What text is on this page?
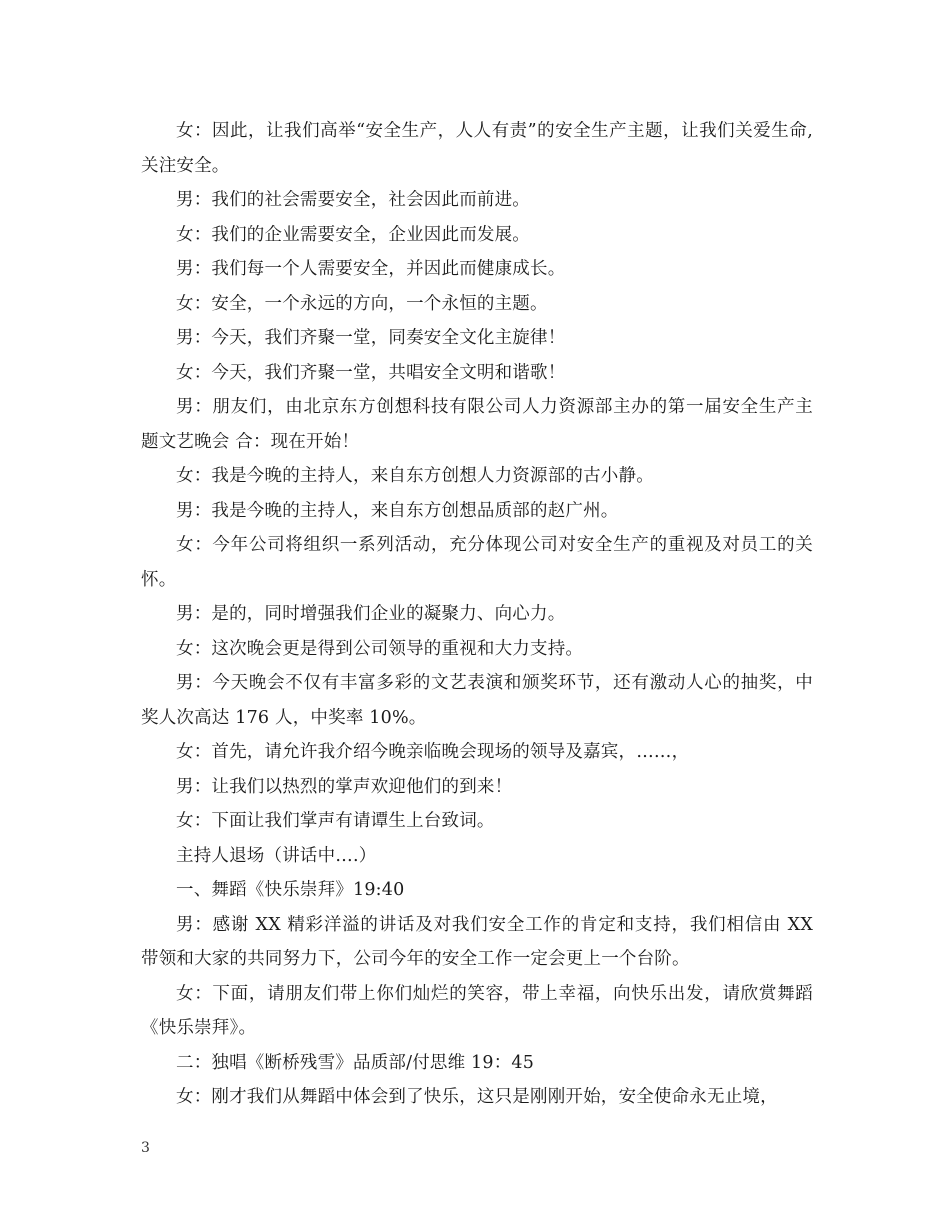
女：因此，让我们高举“安全生产，人人有责”的安全生产主题，让我们关爱生命,关注安全。

男：我们的社会需要安全，社会因此而前进。

女：我们的企业需要安全，企业因此而发展。

男：我们每一个人需要安全，并因此而健康成长。

女：安全，一个永远的方向，一个永恒的主题。

男：今天，我们齐聚一堂，同奏安全文化主旋律！

女：今天，我们齐聚一堂，共唱安全文明和谐歌！

男：朋友们，由北京东方创想科技有限公司人力资源部主办的第一届安全生产主题文艺晚会 合：现在开始！

女：我是今晚的主持人，来自东方创想人力资源部的古小静。

男：我是今晚的主持人，来自东方创想品质部的赵广州。

女：今年公司将组织一系列活动，充分体现公司对安全生产的重视及对员工的关怀。

男：是的，同时增强我们企业的凝聚力、向心力。

女：这次晚会更是得到公司领导的重视和大力支持。

男：今天晚会不仅有丰富多彩的文艺表演和颁奖环节，还有激动人心的抽奖，中奖人次高达 176 人，中奖率 10%。

女：首先，请允许我介绍今晚亲临晚会现场的领导及嘉宾，……，

男：让我们以热烈的掌声欢迎他们的到来！

女：下面让我们掌声有请谭生上台致词。

主持人退场（讲话中….）

一、舞蹈《快乐崇拜》19:40

男：感谢 XX 精彩洋溢的讲话及对我们安全工作的肯定和支持，我们相信由 XX 带领和大家的共同努力下，公司今年的安全工作一定会更上一个台阶。

女：下面，请朋友们带上你们灿烂的笑容，带上幸福，向快乐出发，请欣赏舞蹈《快乐崇拜》。

二：独唱《断桥残雪》品质部/付思维 19：45

女：刚才我们从舞蹈中体会到了快乐，这只是刚刚开始，安全使命永无止境，

3
